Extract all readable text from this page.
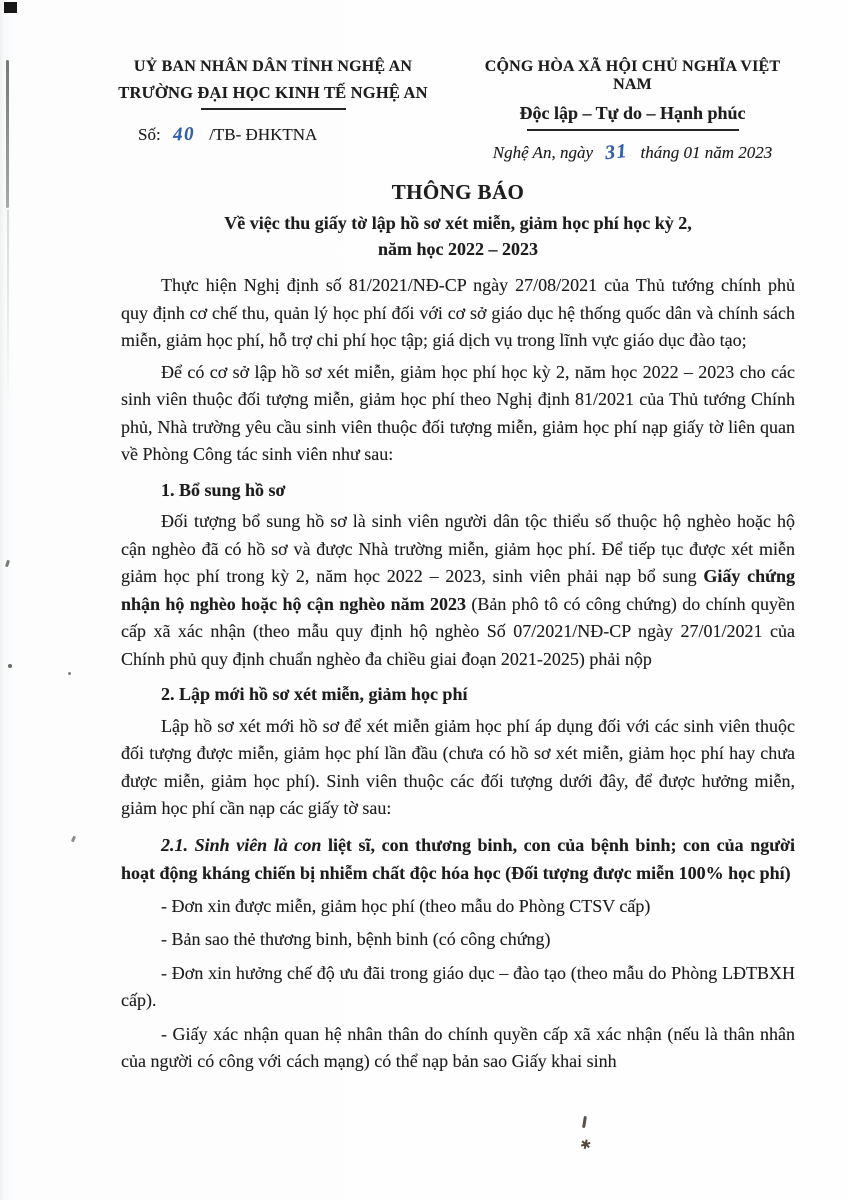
✱
UỶ BAN NHÂN DÂN TỈNH NGHỆ AN
TRƯỜNG ĐẠI HỌC KINH TẾ NGHỆ AN
Số: 40 /TB- ĐHKTNA
CỘNG HÒA XÃ HỘI CHỦ NGHĨA VIỆT NAM
Độc lập – Tự do – Hạnh phúc
Nghệ An, ngày 31 tháng 01 năm 2023
THÔNG BÁO
Về việc thu giấy tờ lập hồ sơ xét miễn, giảm học phí học kỳ 2,
năm học 2022 – 2023

Thực hiện Nghị định số 81/2021/NĐ-CP ngày 27/08/2021 của Thủ tướng chính phủ quy định cơ chế thu, quản lý học phí đối với cơ sở giáo dục hệ thống quốc dân và chính sách miễn, giảm học phí, hỗ trợ chi phí học tập; giá dịch vụ trong lĩnh vực giáo dục đào tạo;

Để có cơ sở lập hồ sơ xét miễn, giảm học phí học kỳ 2, năm học 2022 – 2023 cho các sinh viên thuộc đối tượng miễn, giảm học phí theo Nghị định 81/2021 của Thủ tướng Chính phủ, Nhà trường yêu cầu sinh viên thuộc đối tượng miễn, giảm học phí nạp giấy tờ liên quan về Phòng Công tác sinh viên như sau:

1. Bổ sung hồ sơ

Đối tượng bổ sung hồ sơ là sinh viên người dân tộc thiểu số thuộc hộ nghèo hoặc hộ cận nghèo đã có hồ sơ và được Nhà trường miễn, giảm học phí. Để tiếp tục được xét miễn giảm học phí trong kỳ 2, năm học 2022 – 2023, sinh viên phải nạp bổ sung Giấy chứng nhận hộ nghèo hoặc hộ cận nghèo năm 2023 (Bản phô tô có công chứng) do chính quyền cấp xã xác nhận (theo mẫu quy định hộ nghèo Số 07/2021/NĐ-CP ngày 27/01/2021 của Chính phủ quy định chuẩn nghèo đa chiều giai đoạn 2021-2025) phải nộp

2. Lập mới hồ sơ xét miễn, giảm học phí

Lập hồ sơ xét mới hồ sơ để xét miễn giảm học phí áp dụng đối với các sinh viên thuộc đối tượng được miễn, giảm học phí lần đầu (chưa có hồ sơ xét miễn, giảm học phí hay chưa được miễn, giảm học phí). Sinh viên thuộc các đối tượng dưới đây, để được hưởng miễn, giảm học phí cần nạp các giấy tờ sau:

2.1. Sinh viên là con liệt sĩ, con thương binh, con của bệnh binh; con của người hoạt động kháng chiến bị nhiễm chất độc hóa học (Đối tượng được miễn 100% học phí)

- Đơn xin được miễn, giảm học phí (theo mẫu do Phòng CTSV cấp)

- Bản sao thẻ thương binh, bệnh binh (có công chứng)

- Đơn xin hưởng chế độ ưu đãi trong giáo dục – đào tạo (theo mẫu do Phòng LĐTBXH cấp).

- Giấy xác nhận quan hệ nhân thân do chính quyền cấp xã xác nhận (nếu là thân nhân của người có công với cách mạng) có thể nạp bản sao Giấy khai sinh
